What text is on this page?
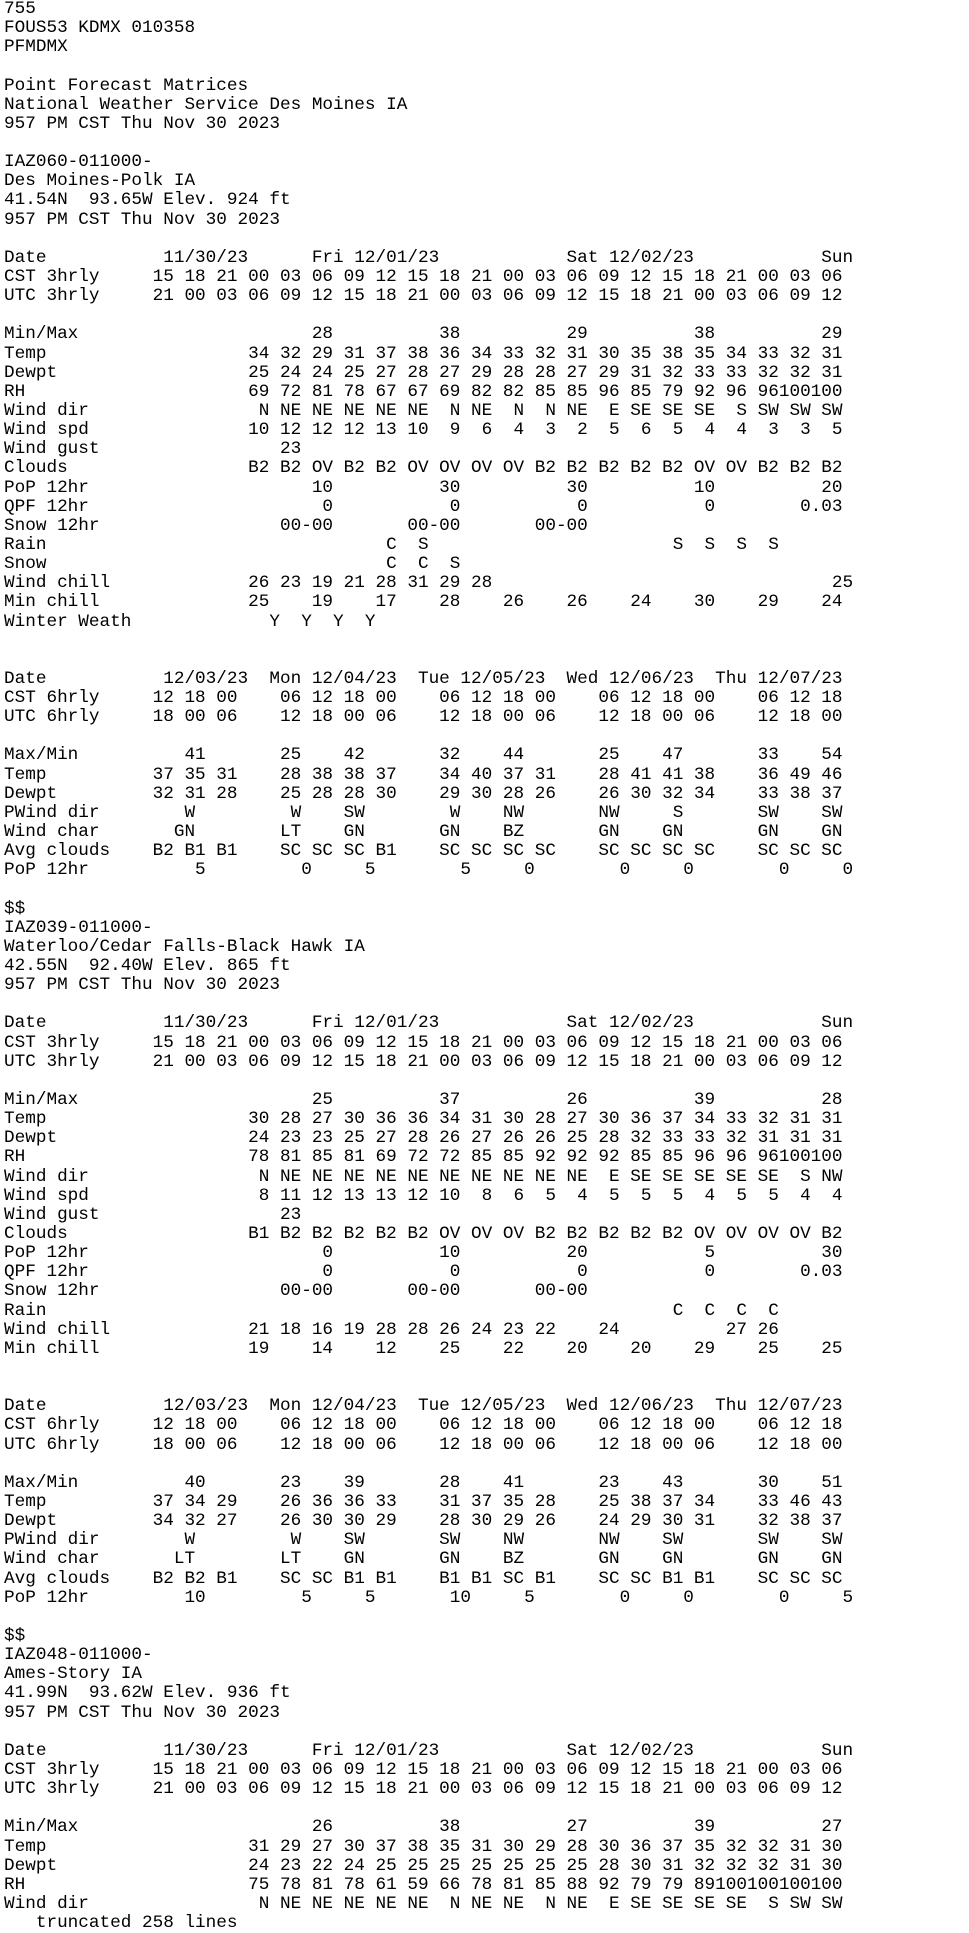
755
FOUS53 KDMX 010358
PFMDMX
Point Forecast Matrices
National Weather Service Des Moines IA
957 PM CST Thu Nov 30 2023
IAZ060-011000-
Des Moines-Polk IA
41.54N  93.65W Elev. 924 ft
957 PM CST Thu Nov 30 2023
Date           11/30/23      Fri 12/01/23            Sat 12/02/23            Sun
CST 3hrly     15 18 21 00 03 06 09 12 15 18 21 00 03 06 09 12 15 18 21 00 03 06
UTC 3hrly     21 00 03 06 09 12 15 18 21 00 03 06 09 12 15 18 21 00 03 06 09 12
Min/Max                      28          38          29          38          29
Temp                   34 32 29 31 37 38 36 34 33 32 31 30 35 38 35 34 33 32 31
Dewpt                  25 24 24 25 27 28 27 29 28 28 27 29 31 32 33 33 32 32 31
RH                     69 72 81 78 67 67 69 82 82 85 85 96 85 79 92 96 96100100
Wind dir                N NE NE NE NE NE  N NE  N  N NE  E SE SE SE  S SW SW SW
Wind spd               10 12 12 12 13 10  9  6  4  3  2  5  6  5  4  4  3  3  5
Wind gust                 23
Clouds                 B2 B2 OV B2 B2 OV OV OV OV B2 B2 B2 B2 B2 OV OV B2 B2 B2
PoP 12hr                     10          30          30          10          20
QPF 12hr                      0           0           0           0        0.03
Snow 12hr                 00-00       00-00       00-00
Rain                                C  S                       S  S  S  S
Snow                                C  C  S
Wind chill             26 23 19 21 28 31 29 28                                25
Min chill              25    19    17    28    26    26    24    30    29    24
Winter Weath             Y  Y  Y  Y
Date           12/03/23  Mon 12/04/23  Tue 12/05/23  Wed 12/06/23  Thu 12/07/23
CST 6hrly     12 18 00    06 12 18 00    06 12 18 00    06 12 18 00    06 12 18
UTC 6hrly     18 00 06    12 18 00 06    12 18 00 06    12 18 00 06    12 18 00
Max/Min          41       25    42       32    44       25    47       33    54
Temp          37 35 31    28 38 38 37    34 40 37 31    28 41 41 38    36 49 46
Dewpt         32 31 28    25 28 28 30    29 30 28 26    26 30 32 34    33 38 37
PWind dir        W         W    SW        W    NW       NW     S       SW    SW
Wind char       GN        LT    GN       GN    BZ       GN    GN       GN    GN
Avg clouds    B2 B1 B1    SC SC SC B1    SC SC SC SC    SC SC SC SC    SC SC SC
PoP 12hr          5         0     5        5     0        0     0        0     0
$$
IAZ039-011000-
Waterloo/Cedar Falls-Black Hawk IA
42.55N  92.40W Elev. 865 ft
957 PM CST Thu Nov 30 2023
Date           11/30/23      Fri 12/01/23            Sat 12/02/23            Sun
CST 3hrly     15 18 21 00 03 06 09 12 15 18 21 00 03 06 09 12 15 18 21 00 03 06
UTC 3hrly     21 00 03 06 09 12 15 18 21 00 03 06 09 12 15 18 21 00 03 06 09 12
Min/Max                      25          37          26          39          28
Temp                   30 28 27 30 36 36 34 31 30 28 27 30 36 37 34 33 32 31 31
Dewpt                  24 23 23 25 27 28 26 27 26 26 25 28 32 33 33 32 31 31 31
RH                     78 81 85 81 69 72 72 85 85 92 92 92 85 85 96 96 96100100
Wind dir                N NE NE NE NE NE NE NE NE NE NE  E SE SE SE SE SE  S NW
Wind spd                8 11 12 13 13 12 10  8  6  5  4  5  5  5  4  5  5  4  4
Wind gust                 23
Clouds                 B1 B2 B2 B2 B2 B2 OV OV OV B2 B2 B2 B2 B2 OV OV OV OV B2
PoP 12hr                      0          10          20           5          30
QPF 12hr                      0           0           0           0        0.03
Snow 12hr                 00-00       00-00       00-00
Rain                                                           C  C  C  C
Wind chill             21 18 16 19 28 28 26 24 23 22    24          27 26
Min chill              19    14    12    25    22    20    20    29    25    25
Date           12/03/23  Mon 12/04/23  Tue 12/05/23  Wed 12/06/23  Thu 12/07/23
CST 6hrly     12 18 00    06 12 18 00    06 12 18 00    06 12 18 00    06 12 18
UTC 6hrly     18 00 06    12 18 00 06    12 18 00 06    12 18 00 06    12 18 00
Max/Min          40       23    39       28    41       23    43       30    51
Temp          37 34 29    26 36 36 33    31 37 35 28    25 38 37 34    33 46 43
Dewpt         34 32 27    26 30 30 29    28 30 29 26    24 29 30 31    32 38 37
PWind dir        W         W    SW       SW    NW       NW    SW       SW    SW
Wind char       LT        LT    GN       GN    BZ       GN    GN       GN    GN
Avg clouds    B2 B2 B1    SC SC B1 B1    B1 B1 SC B1    SC SC B1 B1    SC SC SC
PoP 12hr         10         5     5       10     5        0     0        0     5
$$
IAZ048-011000-
Ames-Story IA
41.99N  93.62W Elev. 936 ft
957 PM CST Thu Nov 30 2023
Date           11/30/23      Fri 12/01/23            Sat 12/02/23            Sun
CST 3hrly     15 18 21 00 03 06 09 12 15 18 21 00 03 06 09 12 15 18 21 00 03 06
UTC 3hrly     21 00 03 06 09 12 15 18 21 00 03 06 09 12 15 18 21 00 03 06 09 12
Min/Max                      26          38          27          39          27
Temp                   31 29 27 30 37 38 35 31 30 29 28 30 36 37 35 32 32 31 30
Dewpt                  24 23 22 24 25 25 25 25 25 25 25 28 30 31 32 32 32 31 30
RH                     75 78 81 78 61 59 66 78 81 85 88 92 79 79 89100100100100
Wind dir                N NE NE NE NE NE  N NE NE  N NE  E SE SE SE SE  S SW SW
truncated 258 lines
